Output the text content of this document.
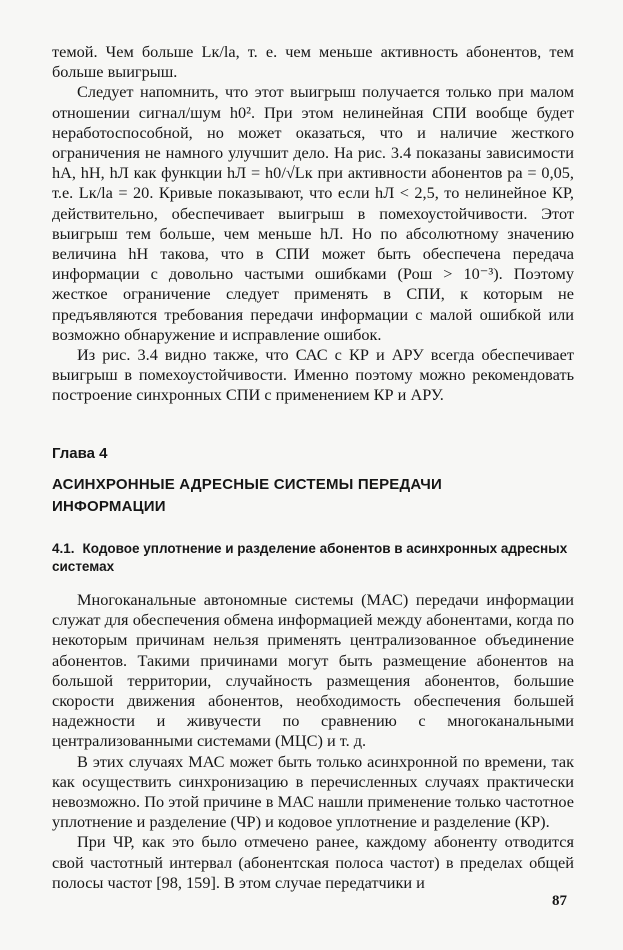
темой. Чем больше Lк/lа, т. е. чем меньше активность абонентов, тем больше выигрыш.

Следует напомнить, что этот выигрыш получается только при малом отношении сигнал/шум h0². При этом нелинейная СПИ вообще будет неработоспособной, но может оказаться, что и наличие жесткого ограничения не намного улучшит дело. На рис. 3.4 показаны зависимости hА, hН, hЛ как функции hЛ = h0/√Lк при активности абонентов pа = 0,05, т.е. Lк/lа = 20. Кривые показывают, что если hЛ < 2,5, то нелинейное КР, действительно, обеспечивает выигрыш в помехоустойчивости. Этот выигрыш тем больше, чем меньше hЛ. Но по абсолютному значению величина hН такова, что в СПИ может быть обеспечена передача информации с довольно частыми ошибками (Рош > 10⁻³). Поэтому жесткое ограничение следует применять в СПИ, к которым не предъявляются требования передачи информации с малой ошибкой или возможно обнаружение и исправление ошибок.

Из рис. 3.4 видно также, что САС с КР и АРУ всегда обеспечивает выигрыш в помехоустойчивости. Именно поэтому можно рекомендовать построение синхронных СПИ с применением КР и АРУ.

Глава 4

АСИНХРОННЫЕ АДРЕСНЫЕ СИСТЕМЫ ПЕРЕДАЧИ ИНФОРМАЦИИ

4.1. Кодовое уплотнение и разделение абонентов в асинхронных адресных системах

Многоканальные автономные системы (МАС) передачи информации служат для обеспечения обмена информацией между абонентами, когда по некоторым причинам нельзя применять централизованное объединение абонентов. Такими причинами могут быть размещение абонентов на большой территории, случайность размещения абонентов, большие скорости движения абонентов, необходимость обеспечения большей надежности и живучести по сравнению с многоканальными централизованными системами (МЦС) и т. д.

В этих случаях МАС может быть только асинхронной по времени, так как осуществить синхронизацию в перечисленных случаях практически невозможно. По этой причине в МАС нашли применение только частотное уплотнение и разделение (ЧР) и кодовое уплотнение и разделение (КР).

При ЧР, как это было отмечено ранее, каждому абоненту отводится свой частотный интервал (абонентская полоса частот) в пределах общей полосы частот [98, 159]. В этом случае передатчики и

87
